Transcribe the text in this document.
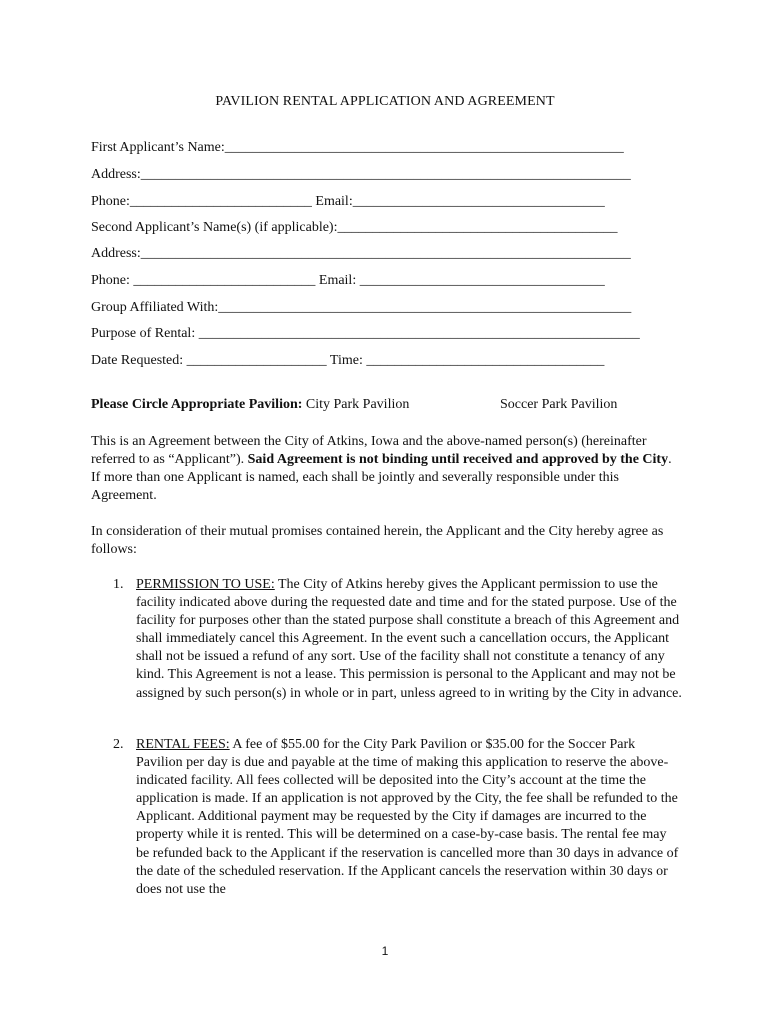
PAVILION RENTAL APPLICATION AND AGREEMENT
First Applicant’s Name:_________________________________________________________
Address:______________________________________________________________________
Phone:__________________________ Email:____________________________________
Second Applicant’s Name(s) (if applicable):________________________________________
Address:______________________________________________________________________
Phone: __________________________ Email: ___________________________________
Group Affiliated With:___________________________________________________________
Purpose of Rental: _______________________________________________________________
Date Requested: ____________________ Time: __________________________________
Please Circle Appropriate Pavilion: City Park Pavilion	Soccer Park Pavilion
This is an Agreement between the City of Atkins, Iowa and the above-named person(s) (hereinafter referred to as “Applicant”). Said Agreement is not binding until received and approved by the City. If more than one Applicant is named, each shall be jointly and severally responsible under this Agreement.
In consideration of their mutual promises contained herein, the Applicant and the City hereby agree as follows:
1. PERMISSION TO USE: The City of Atkins hereby gives the Applicant permission to use the facility indicated above during the requested date and time and for the stated purpose. Use of the facility for purposes other than the stated purpose shall constitute a breach of this Agreement and shall immediately cancel this Agreement. In the event such a cancellation occurs, the Applicant shall not be issued a refund of any sort. Use of the facility shall not constitute a tenancy of any kind. This Agreement is not a lease. This permission is personal to the Applicant and may not be assigned by such person(s) in whole or in part, unless agreed to in writing by the City in advance.
2. RENTAL FEES: A fee of $55.00 for the City Park Pavilion or $35.00 for the Soccer Park Pavilion per day is due and payable at the time of making this application to reserve the above-indicated facility. All fees collected will be deposited into the City’s account at the time the application is made. If an application is not approved by the City, the fee shall be refunded to the Applicant. Additional payment may be requested by the City if damages are incurred to the property while it is rented. This will be determined on a case-by-case basis. The rental fee may be refunded back to the Applicant if the reservation is cancelled more than 30 days in advance of the date of the scheduled reservation. If the Applicant cancels the reservation within 30 days or does not use the
1
